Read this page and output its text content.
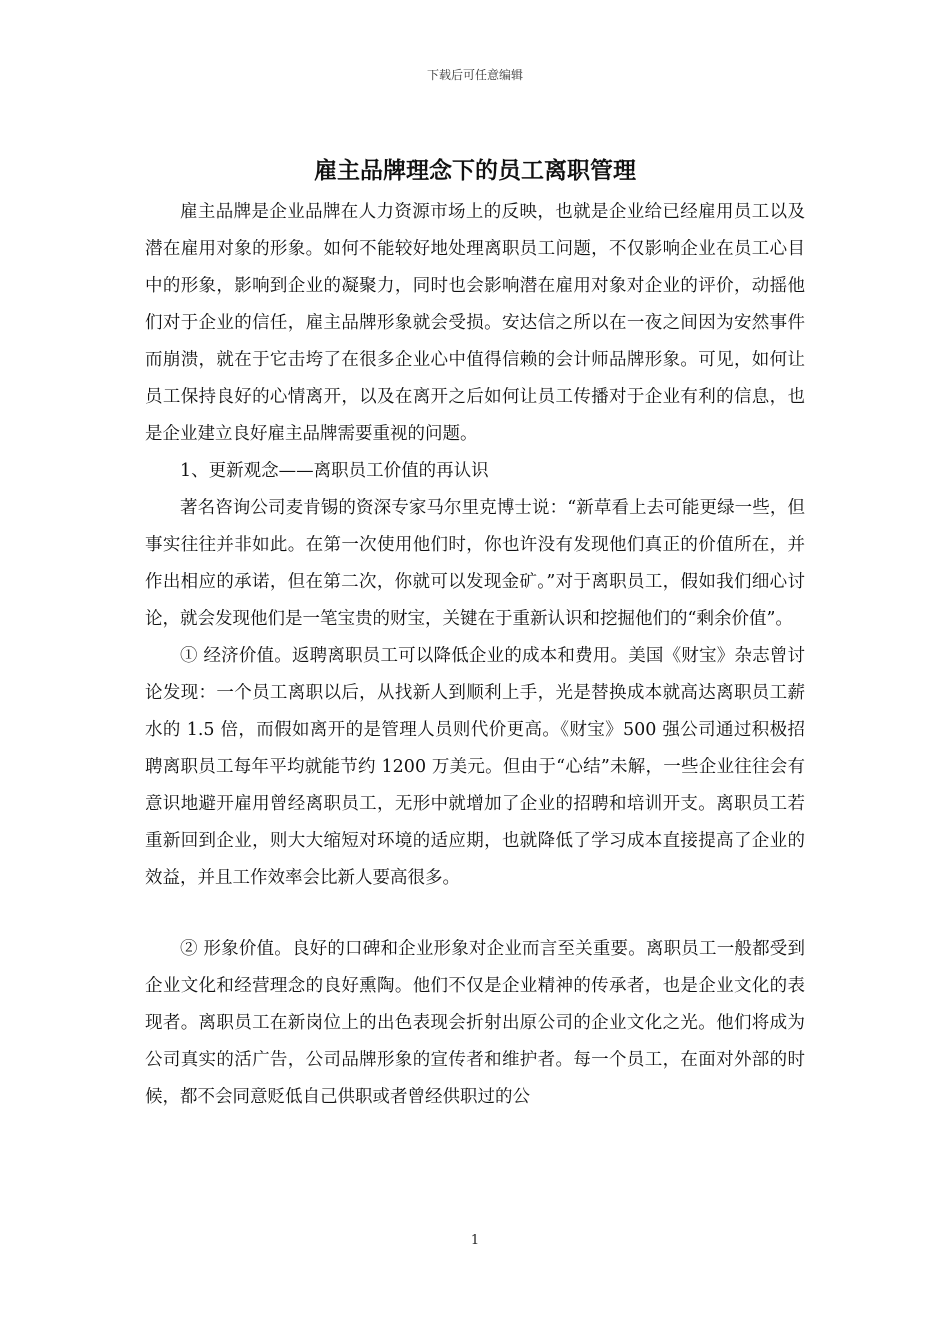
下载后可任意编辑
雇主品牌理念下的员工离职管理

雇主品牌是企业品牌在人力资源市场上的反映，也就是企业给已经雇用员工以及潜在雇用对象的形象。如何不能较好地处理离职员工问题，不仅影响企业在员工心目中的形象，影响到企业的凝聚力，同时也会影响潜在雇用对象对企业的评价，动摇他们对于企业的信任，雇主品牌形象就会受损。安达信之所以在一夜之间因为安然事件而崩溃，就在于它击垮了在很多企业心中值得信赖的会计师品牌形象。可见，如何让员工保持良好的心情离开，以及在离开之后如何让员工传播对于企业有利的信息，也是企业建立良好雇主品牌需要重视的问题。

1、更新观念——离职员工价值的再认识

著名咨询公司麦肯锡的资深专家马尔里克博士说：“新草看上去可能更绿一些，但事实往往并非如此。在第一次使用他们时，你也许没有发现他们真正的价值所在，并作出相应的承诺，但在第二次，你就可以发现金矿。”对于离职员工，假如我们细心讨论，就会发现他们是一笔宝贵的财宝，关键在于重新认识和挖掘他们的“剩余价值”。

① 经济价值。返聘离职员工可以降低企业的成本和费用。美国《财宝》杂志曾讨论发现：一个员工离职以后，从找新人到顺利上手，光是替换成本就高达离职员工薪水的 1.5 倍，而假如离开的是管理人员则代价更高。《财宝》500 强公司通过积极招聘离职员工每年平均就能节约 1200 万美元。但由于“心结”未解，一些企业往往会有意识地避开雇用曾经离职员工，无形中就增加了企业的招聘和培训开支。离职员工若重新回到企业，则大大缩短对环境的适应期，也就降低了学习成本直接提高了企业的效益，并且工作效率会比新人要高很多。

② 形象价值。良好的口碑和企业形象对企业而言至关重要。离职员工一般都受到企业文化和经营理念的良好熏陶。他们不仅是企业精神的传承者，也是企业文化的表现者。离职员工在新岗位上的出色表现会折射出原公司的企业文化之光。他们将成为公司真实的活广告，公司品牌形象的宣传者和维护者。每一个员工，在面对外部的时候，都不会同意贬低自己供职或者曾经供职过的公

1
